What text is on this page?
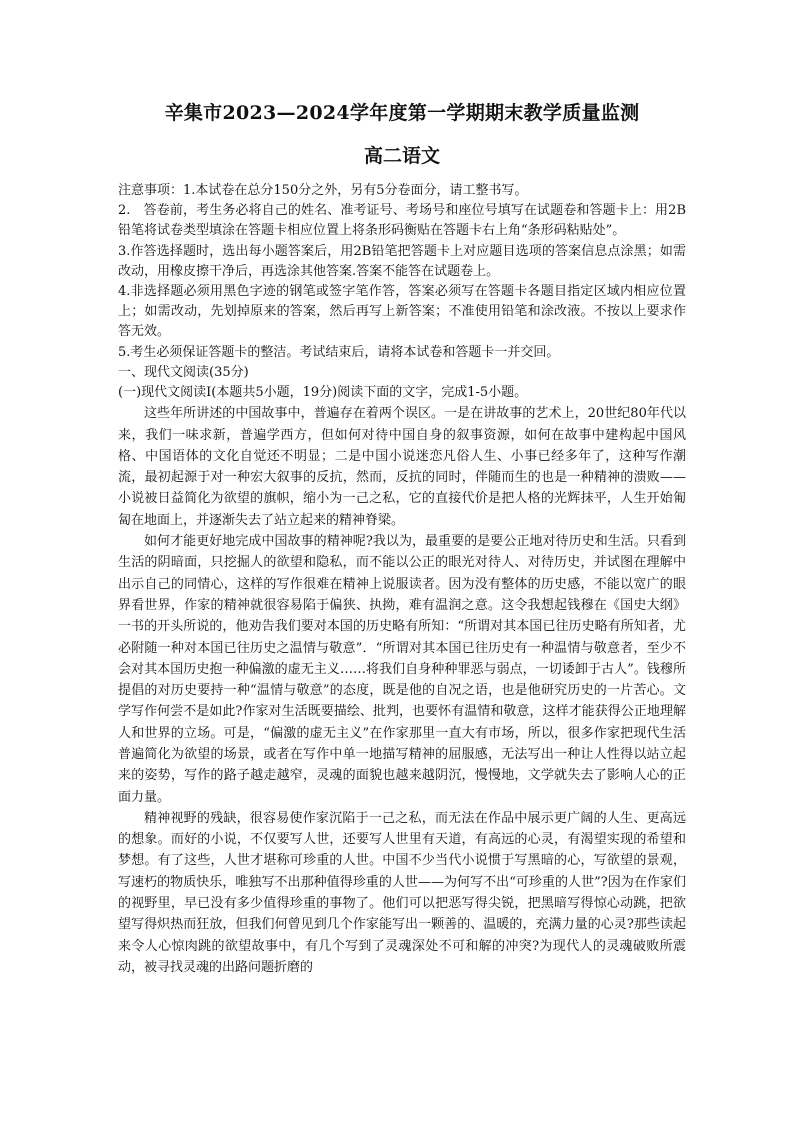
辛集市2023—2024学年度第一学期期末教学质量监测
高二语文

注意事项：1.本试卷在总分150分之外，另有5分卷面分，请工整书写。

2.　答卷前，考生务必将自己的姓名、准考证号、考场号和座位号填写在试题卷和答题卡上：用2B铅笔将试卷类型填涂在答题卡相应位置上将条形码衡贴在答题卡右上角“条形码粘贴处”。

3.作答选择题时，选出每小题答案后，用2B铅笔把答题卡上对应题目选项的答案信息点涂黑；如需改动，用橡皮擦干净后，再选涂其他答案.答案不能答在试题卷上。

4.非选择题必须用黑色字迹的钢笔或签字笔作答，答案必须写在答题卡各题目指定区域内相应位置上；如需改动，先划掉原来的答案，然后再写上新答案；不准使用铅笔和涂改液。不按以上要求作答无效。

5.考生必须保证答题卡的整洁。考试结束后，请将本试卷和答题卡一并交回。

一、现代文阅读(35分)

(一)现代文阅读I(本题共5小题，19分)阅读下面的文字，完成1-5小题。

这些年所讲述的中国故事中，普遍存在着两个误区。一是在讲故事的艺术上，20世纪80年代以来，我们一味求新，普遍学西方，但如何对待中国自身的叙事资源，如何在故事中建构起中国风格、中国语体的文化自觉还不明显；二是中国小说迷恋凡俗人生、小事已经多年了，这种写作潮流，最初起源于对一种宏大叙事的反抗，然而，反抗的同时，伴随而生的也是一种精神的溃败——小说被日益简化为欲望的旗帜，缩小为一己之私，它的直接代价是把人格的光辉抹平，人生开始匍匐在地面上，并逐渐失去了站立起来的精神脊梁。

如何才能更好地完成中国故事的精神呢?我以为，最重要的是要公正地对待历史和生活。只看到生活的阴暗面，只挖掘人的欲望和隐私，而不能以公正的眼光对待人、对待历史，并试图在理解中出示自己的同情心，这样的写作很难在精神上说服读者。因为没有整体的历史感，不能以宽广的眼界看世界，作家的精神就很容易陷于偏狭、执拗，难有温润之意。这令我想起钱穆在《国史大纲》一书的开头所说的，他劝告我们要对本国的历史略有所知：“所谓对其本国已往历史略有所知者，尤必附随一种对本国已往历史之温情与敬意”．“所谓对其本国已往历史有一种温情与敬意者，至少不会对其本国历史抱一种偏激的虚无主义……将我们自身种种罪恶与弱点，一切诿卸于古人”。钱穆所提倡的对历史要持一种“温情与敬意”的态度，既是他的自况之语，也是他研究历史的一片苦心。文学写作何尝不是如此?作家对生活既要描绘、批判，也要怀有温情和敬意，这样才能获得公正地理解人和世界的立场。可是，“偏激的虚无主义”在作家那里一直大有市场，所以，很多作家把现代生活普遍简化为欲望的场景，或者在写作中单一地描写精神的屈服感，无法写出一种让人性得以站立起来的姿势，写作的路子越走越窄，灵魂的面貌也越来越阴沉，慢慢地，文学就失去了影响人心的正面力量。

精神视野的残缺，很容易使作家沉陷于一己之私，而无法在作品中展示更广阔的人生、更高远的想象。而好的小说，不仅要写人世，还要写人世里有天道，有高远的心灵，有渴望实现的希望和梦想。有了这些，人世才堪称可珍重的人世。中国不少当代小说惯于写黑暗的心，写欲望的景观，写速朽的物质快乐，唯独写不出那种值得珍重的人世——为何写不出“可珍重的人世”?因为在作家们的视野里，早已没有多少值得珍重的事物了。他们可以把恶写得尖锐，把黑暗写得惊心动跳，把欲望写得炽热而狂放，但我们何曾见到几个作家能写出一颗善的、温暖的，充满力量的心灵?那些读起来令人心惊肉跳的欲望故事中，有几个写到了灵魂深处不可和解的冲突?为现代人的灵魂破败所震动，被寻找灵魂的出路问题折磨的
